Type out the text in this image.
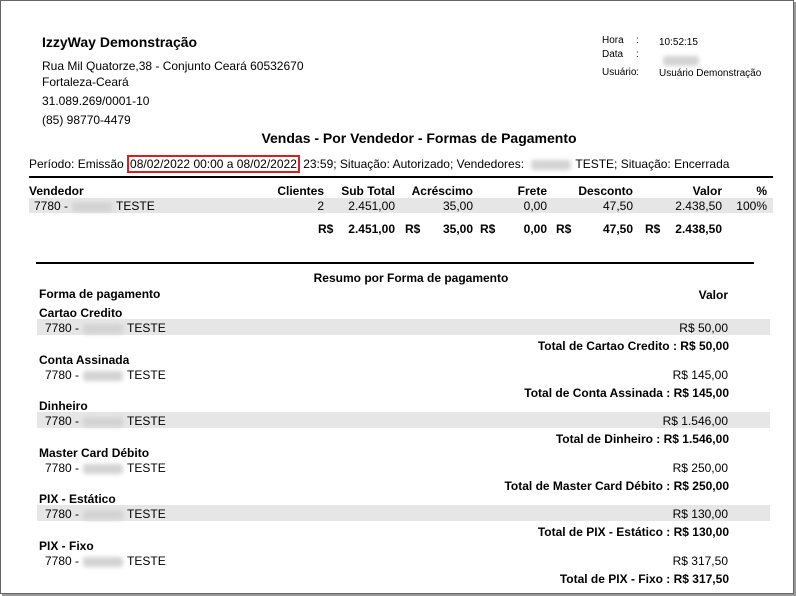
IzzyWay Demonstração
Rua Mil Quatorze,38 - Conjunto Ceará 60532670
Fortaleza-Ceará
31.089.269/0001-10
(85) 98770-4479
Hora : 10:52:15
Data :
Usuário : Usuário Demonstração
Vendas - Por Vendedor - Formas de Pagamento
Período: Emissão 08/02/2022 00:00 a 08/02/2022 23:59; Situação: Autorizado; Vendedores:	TESTE; Situação: Encerrada
Vendedor	Clientes	Sub Total	Acréscimo	Frete	Desconto	Valor	%
7780 -	TESTE	2	2.451,00	35,00	0,00	47,50	2.438,50 100%
R$	2.451,00 R$	35,00 R$	0,00 R$	47,50 R$	2.438,50
Resumo por Forma de pagamento
Forma de pagamento	Valor
Cartao Credito
7780 -	TESTE	R$ 50,00
Total de Cartao Credito : R$ 50,00
Conta Assinada
7780 -	TESTE	R$ 145,00
Total de Conta Assinada : R$ 145,00
Dinheiro
7780 -	TESTE	R$ 1.546,00
Total de Dinheiro : R$ 1.546,00
Master Card Débito
7780 -	TESTE	R$ 250,00
Total de Master Card Débito : R$ 250,00
PIX - Estático
7780 -	TESTE	R$ 130,00
Total de PIX - Estático : R$ 130,00
PIX - Fixo
7780 -	TESTE	R$ 317,50
Total de PIX - Fixo : R$ 317,50
